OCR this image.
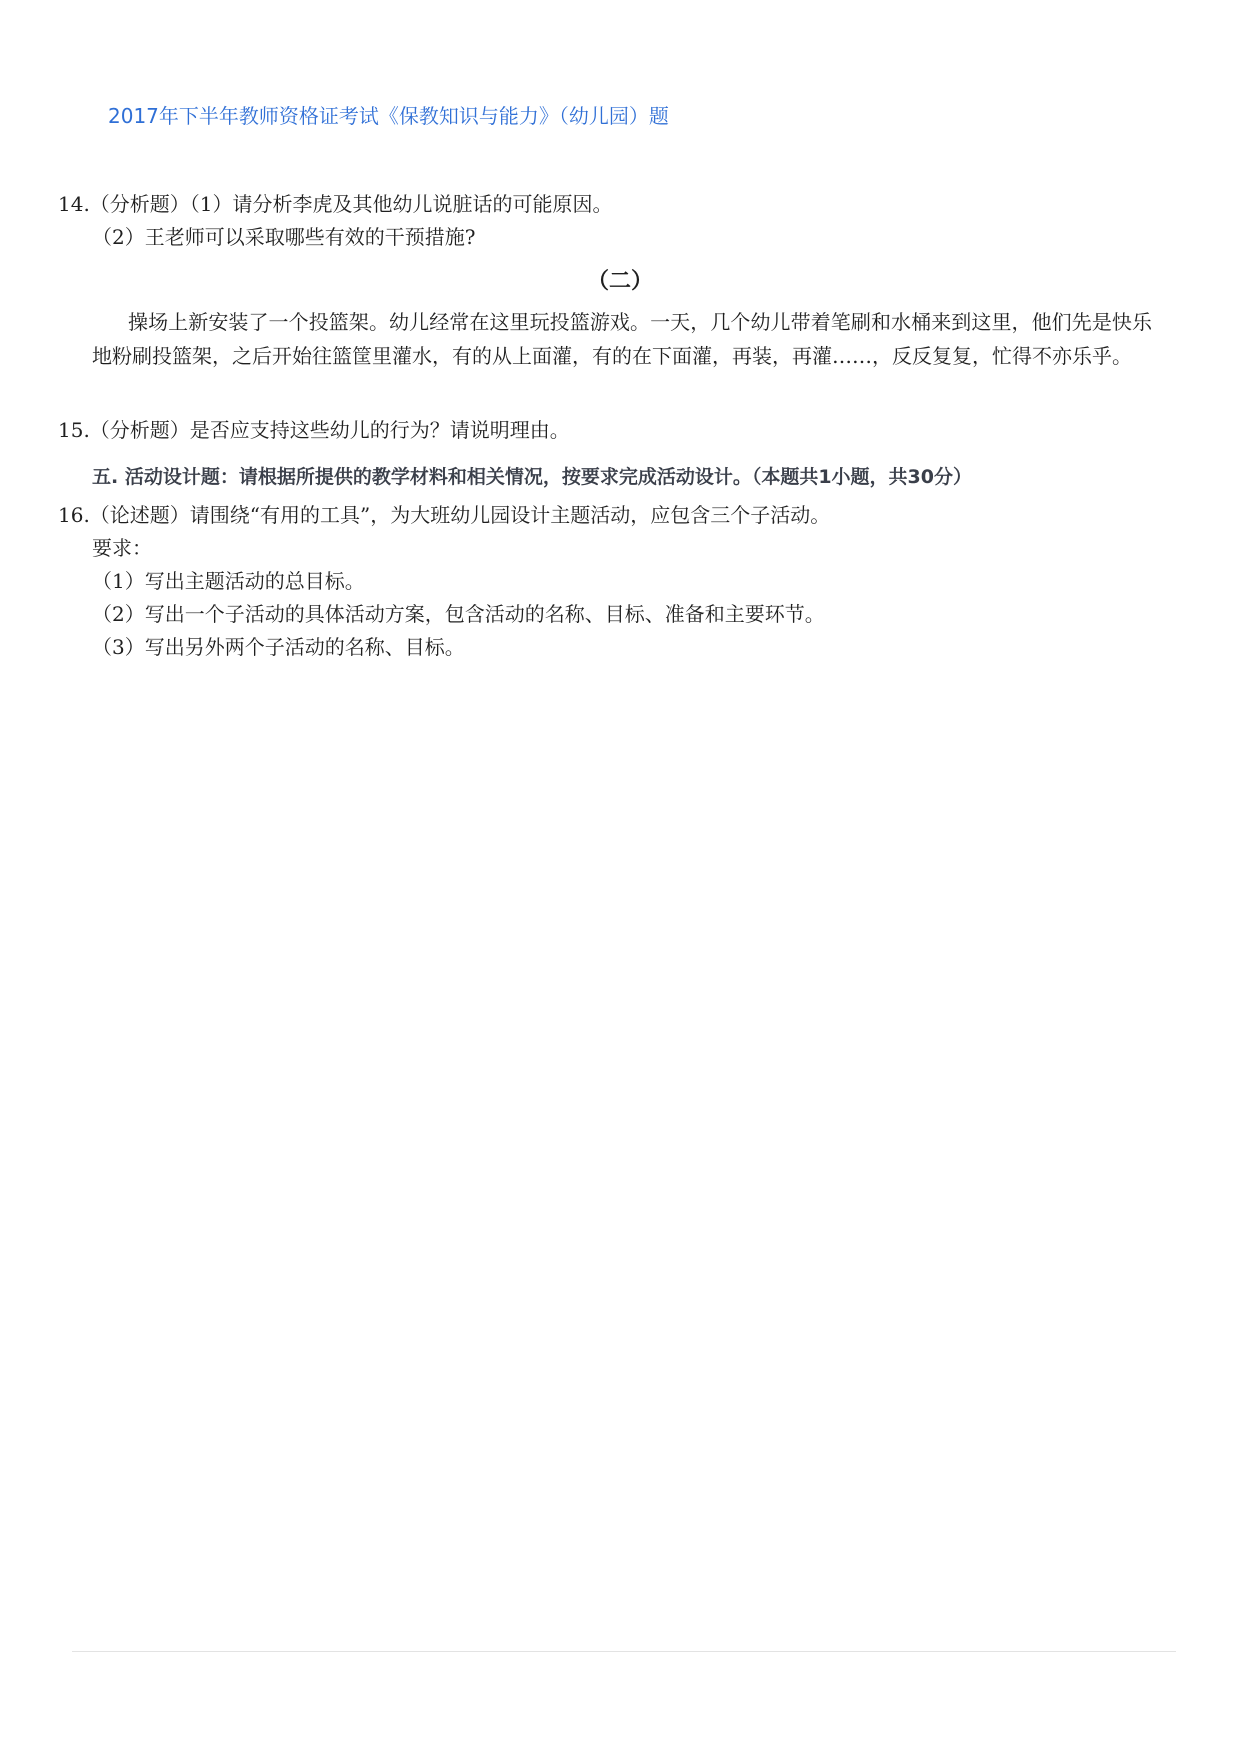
2017年下半年教师资格证考试《保教知识与能力》（幼儿园）题
14.（分析题）（1）请分析李虎及其他幼儿说脏话的可能原因。
（2）王老师可以采取哪些有效的干预措施?
（二）
操场上新安装了一个投篮架。幼儿经常在这里玩投篮游戏。一天，几个幼儿带着笔刷和水桶来到这里，他们先是快乐地粉刷投篮架，之后开始往篮筐里灌水，有的从上面灌，有的在下面灌，再装，再灌……，反反复复，忙得不亦乐乎。
15.（分析题）是否应支持这些幼儿的行为？请说明理由。
五. 活动设计题：请根据所提供的教学材料和相关情况，按要求完成活动设计。（本题共1小题，共30分）
16.（论述题）请围绕“有用的工具”，为大班幼儿园设计主题活动，应包含三个子活动。
要求：
（1）写出主题活动的总目标。
（2）写出一个子活动的具体活动方案，包含活动的名称、目标、准备和主要环节。
（3）写出另外两个子活动的名称、目标。
